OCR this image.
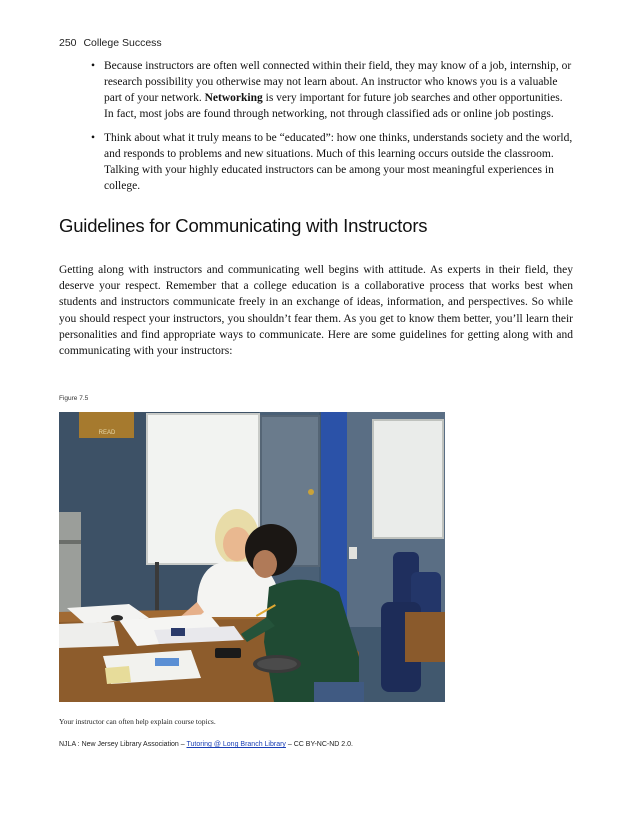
250 College Success
• Because instructors are often well connected within their field, they may know of a job, internship, or research possibility you otherwise may not learn about. An instructor who knows you is a valuable part of your network. Networking is very important for future job searches and other opportunities. In fact, most jobs are found through networking, not through classified ads or online job postings.
• Think about what it truly means to be “educated”: how one thinks, understands society and the world, and responds to problems and new situations. Much of this learning occurs outside the classroom. Talking with your highly educated instructors can be among your most meaningful experiences in college.
Guidelines for Communicating with Instructors

Getting along with instructors and communicating well begins with attitude. As experts in their field, they deserve your respect. Remember that a college education is a collaborative process that works best when students and instructors communicate freely in an exchange of ideas, information, and perspectives. So while you should respect your instructors, you shouldn’t fear them. As you get to know them better, you’ll learn their personalities and find appropriate ways to communicate. Here are some guidelines for getting along with and communicating with your instructors:

Figure 7.5
READ
Your instructor can often help explain course topics.
NJLA : New Jersey Library Association – Tutoring @ Long Branch Library – CC BY-NC-ND 2.0.
